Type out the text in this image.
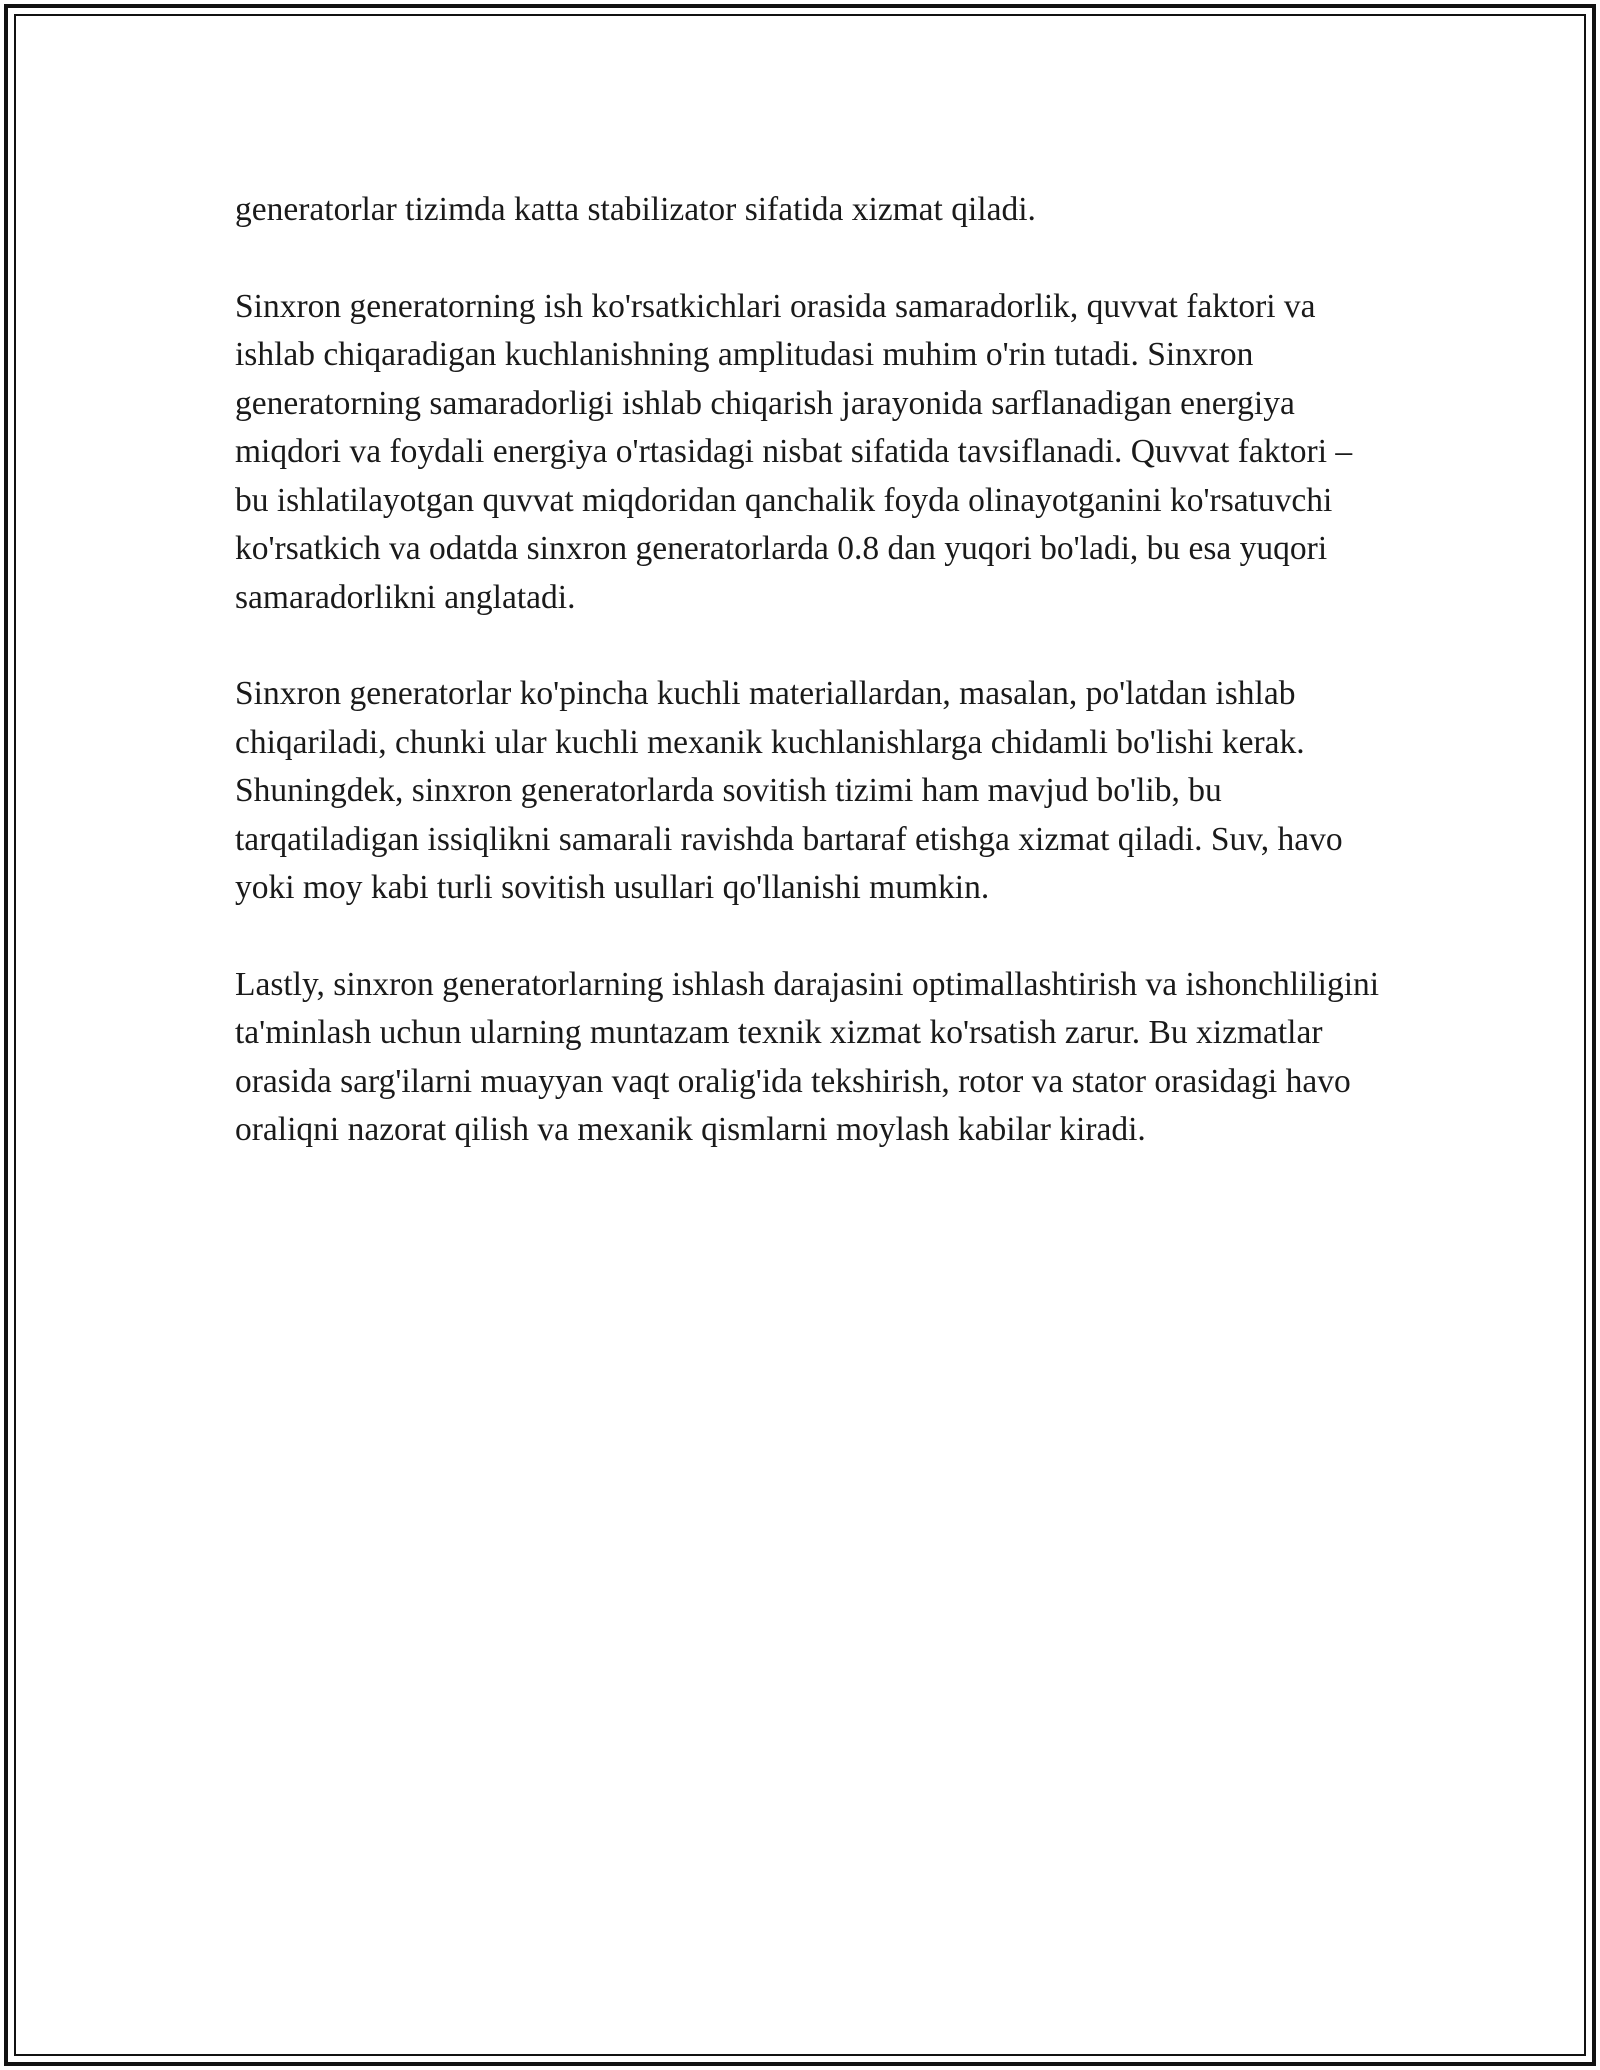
generatorlar tizimda katta stabilizator sifatida xizmat qiladi.

Sinxron generatorning ish ko'rsatkichlari orasida samaradorlik, quvvat faktori va ishlab chiqaradigan kuchlanishning amplitudasi muhim o'rin tutadi. Sinxron generatorning samaradorligi ishlab chiqarish jarayonida sarflanadigan energiya miqdori va foydali energiya o'rtasidagi nisbat sifatida tavsiflanadi. Quvvat faktori – bu ishlatilayotgan quvvat miqdoridan qanchalik foyda olinayotganini ko'rsatuvchi ko'rsatkich va odatda sinxron generatorlarda 0.8 dan yuqori bo'ladi, bu esa yuqori samaradorlikni anglatadi.

Sinxron generatorlar ko'pincha kuchli materiallardan, masalan, po'latdan ishlab chiqariladi, chunki ular kuchli mexanik kuchlanishlarga chidamli bo'lishi kerak. Shuningdek, sinxron generatorlarda sovitish tizimi ham mavjud bo'lib, bu tarqatiladigan issiqlikni samarali ravishda bartaraf etishga xizmat qiladi. Suv, havo yoki moy kabi turli sovitish usullari qo'llanishi mumkin.

Lastly, sinxron generatorlarning ishlash darajasini optimallashtirish va ishonchliligini ta'minlash uchun ularning muntazam texnik xizmat ko'rsatish zarur. Bu xizmatlar orasida sarg'ilarni muayyan vaqt oralig'ida tekshirish, rotor va stator orasidagi havo oraliqni nazorat qilish va mexanik qismlarni moylash kabilar kiradi.
